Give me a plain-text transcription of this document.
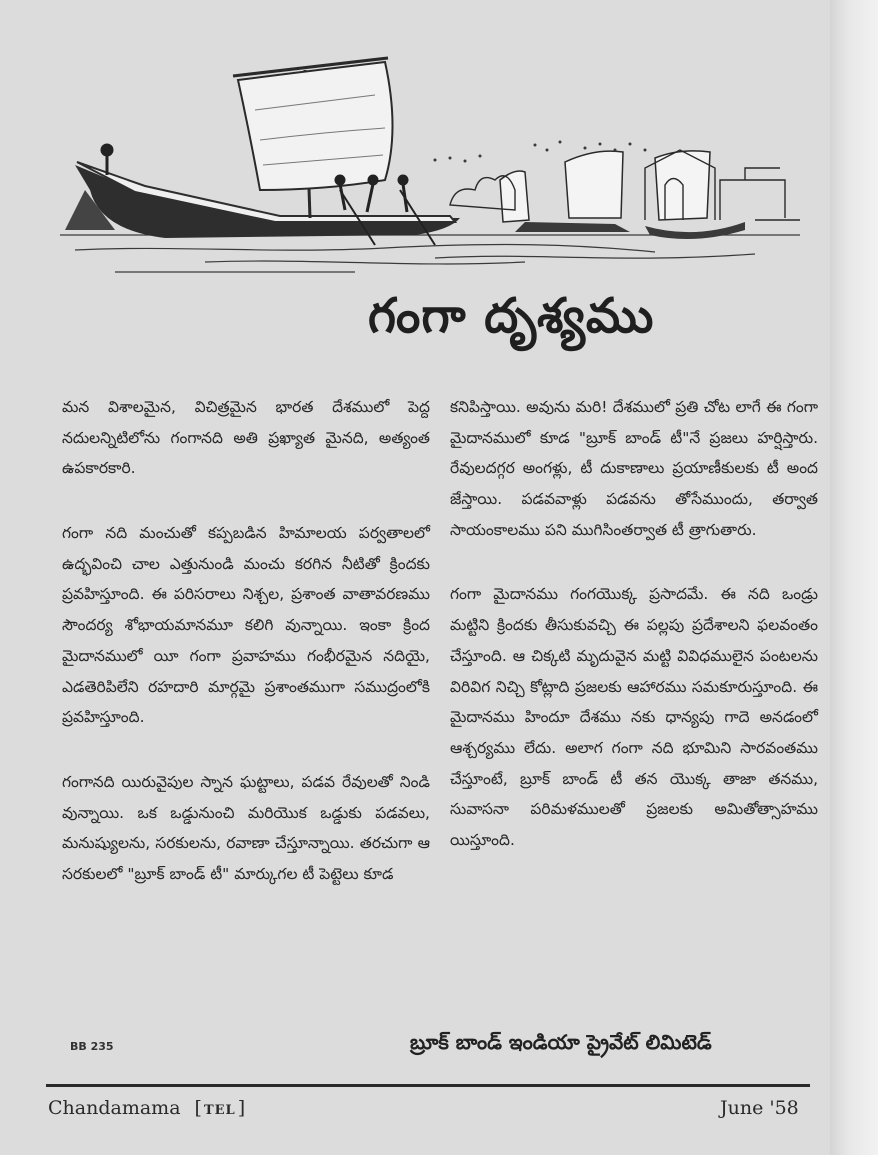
గంగా దృశ్యము

మన విశాలమైన, విచిత్రమైన భారత దేశములో పెద్ద నదులన్నిటిలోను గంగానది అతి ప్రఖ్యాత మైనది, అత్యంత ఉపకారకారి.

గంగా నది మంచుతో కప్పబడిన హిమాలయ పర్వతాలలో ఉద్భవించి చాల ఎత్తునుండి మంచు కరగిన నీటితో క్రిందకు ప్రవహిస్తూంది. ఈ పరిసరాలు నిశ్చల, ప్రశాంత వాతావరణము సౌందర్య శోభాయమానమూ కలిగి వున్నాయి. ఇంకా క్రింద మైదానములో యీ గంగా ప్రవాహము గంభీరమైన నదియై, ఎడతెరిపిలేని రహదారి మార్గమై ప్రశాంతముగా సముద్రంలోకి ప్రవహిస్తూంది.

గంగానది యిరువైపుల స్నాన ఘట్టాలు, పడవ రేవులతో నిండి వున్నాయి. ఒక ఒడ్డునుంచి మరియొక ఒడ్డుకు పడవలు, మనుష్యులను, సరకులను, రవాణా చేస్తూన్నాయి. తరచుగా ఆ సరకులలో "బ్రూక్ బాండ్ టీ" మార్కుగల టీ పెట్టెలు కూడ

కనిపిస్తాయి. అవును మరి! దేశములో ప్రతి చోట లాగే ఈ గంగా మైదానములో కూడ "బ్రూక్ బాండ్ టీ"నే ప్రజలు హర్షిస్తారు. రేవులదగ్గర అంగళ్లు, టీ దుకాణాలు ప్రయాణీకులకు టీ అంద జేస్తాయి. పడవవాళ్లు పడవను తోసేముందు, తర్వాత సాయంకాలము పని ముగిసింతర్వాత టీ త్రాగుతారు.

గంగా మైదానము గంగయొక్క ప్రసాదమే. ఈ నది ఒండ్రు మట్టిని క్రిందకు తీసుకువచ్చి ఈ పల్లపు ప్రదేశాలని ఫలవంతం చేస్తూంది. ఆ చిక్కటి మృదువైన మట్టి వివిధములైన పంటలను విరివిగ నిచ్చి కోట్లాది ప్రజలకు ఆహారము సమకూరుస్తూంది. ఈ మైదానము హిందూ దేశము నకు ధాన్యపు గాదె అనడంలో ఆశ్చర్యము లేదు. అలాగ గంగా నది భూమిని సారవంతము చేస్తూంటే, బ్రూక్ బాండ్ టీ తన యొక్క తాజా తనము, సువాసనా పరిమళములతో ప్రజలకు అమితోత్సాహము యిస్తూంది.

BB 235	బ్రూక్ బాండ్ ఇండియా ప్రైవేట్ లిమిటెడ్
Chandamama [ TEL ]	June '58
